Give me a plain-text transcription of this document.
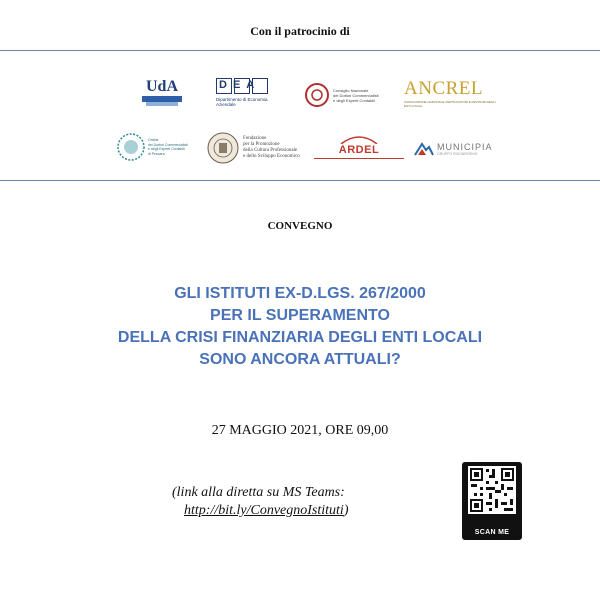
Con il patrocinio di
UdA	DEA
Dipartimento di Economia Aziendale
Consiglio Nazionale
dei Dottori Commercialisti
e degli Esperti Contabili
ANCREL
ASSOCIAZIONE NAZIONALE CERTIFICATORI E REVISORI DEGLI ENTI LOCALI
Ordine
dei Dottori Commercialisti
e degli Esperti Contabili
di Pescara
Fondazione
per la Promozione
della Cultura Professionale
e dello Sviluppo Economico
ARDEL	MUNICIPIA
GRUPPO ENGINEERING
CONVEGNO
GLI ISTITUTI EX-D.LGS. 267/2000
PER IL SUPERAMENTO
DELLA CRISI FINANZIARIA DEGLI ENTI LOCALI
SONO ANCORA ATTUALI?
27 MAGGIO 2021, ORE 09,00
(link alla diretta su MS Teams:
http://bit.ly/ConvegnoIstituti)
SCAN ME
